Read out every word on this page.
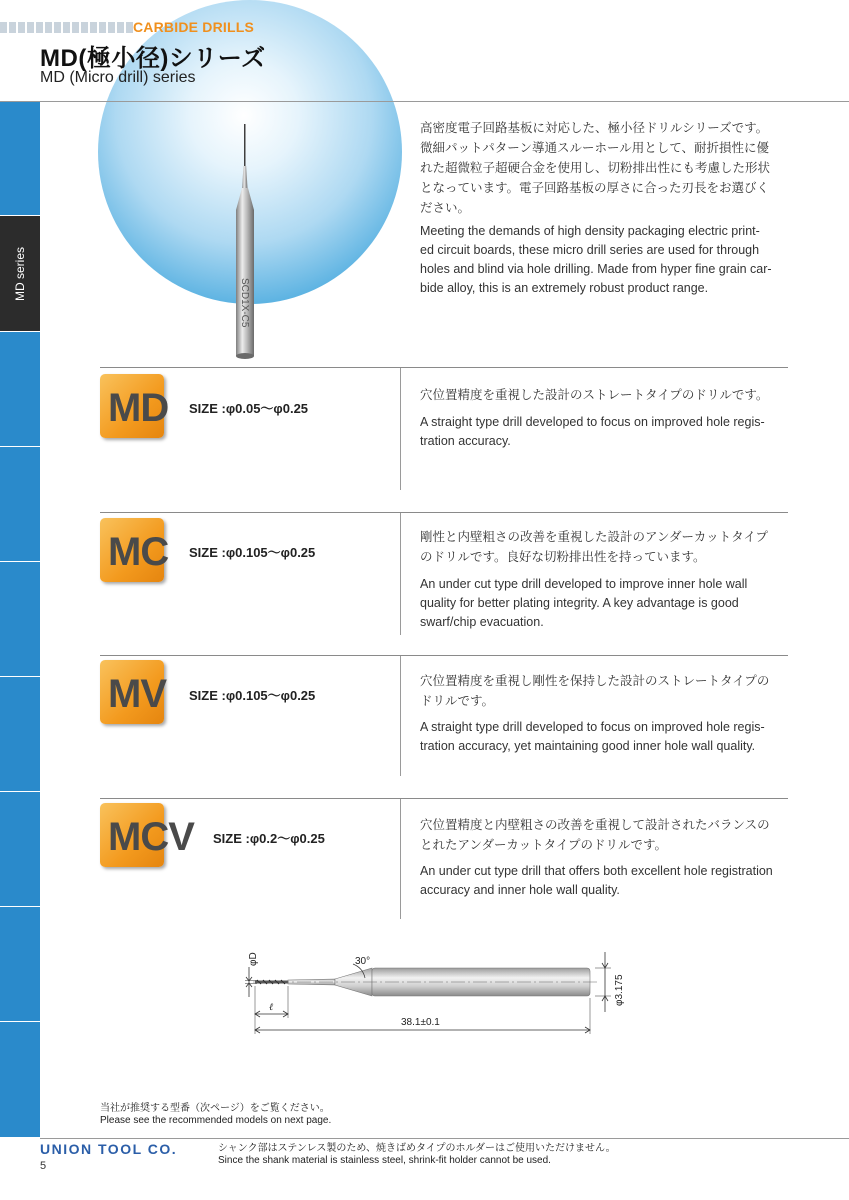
SCD1X-C5
CARBIDE DRILLS
MD(極小径)シリーズ
MD (Micro drill) series
MD series
高密度電子回路基板に対応した、極小径ドリルシリーズです。
微細パットパターン導通スルーホール用として、耐折損性に優
れた超微粒子超硬合金を使用し、切粉排出性にも考慮した形状
となっています。電子回路基板の厚さに合った刃長をお選びく
ださい。
Meeting the demands of high density packaging electric print-
ed circuit boards, these micro drill series are used for through
holes and blind via hole drilling. Made from hyper fine grain car-
bide alloy, this is an extremely robust product range.
MD SIZE :φ0.05～φ0.25
穴位置精度を重視した設計のストレートタイプのドリルです。
A straight type drill developed to focus on improved hole regis-
tration accuracy.
MC SIZE :φ0.105～φ0.25
剛性と内壁粗さの改善を重視した設計のアンダーカットタイプ
のドリルです。良好な切粉排出性を持っています。
An under cut type drill developed to improve inner hole wall
quality for better plating integrity. A key advantage is good
swarf/chip evacuation.
MV SIZE :φ0.105～φ0.25
穴位置精度を重視し剛性を保持した設計のストレートタイプの
ドリルです。
A straight type drill developed to focus on improved hole regis-
tration accuracy, yet maintaining good inner hole wall quality.
MCV SIZE :φ0.2～φ0.25
穴位置精度と内壁粗さの改善を重視して設計されたバランスの
とれたアンダーカットタイプのドリルです。
An under cut type drill that offers both excellent hole registration
accuracy and inner hole wall quality.
φD	30°
φ3.175
ℓ
38.1±0.1
当社が推奨する型番（次ページ）をご覧ください。
Please see the recommended models on next page.
UNION TOOL CO.	シャンク部はステンレス製のため、焼きばめタイプのホルダーはご使用いただけません。
Since the shank material is stainless steel, shrink-fit holder cannot be used.
5
